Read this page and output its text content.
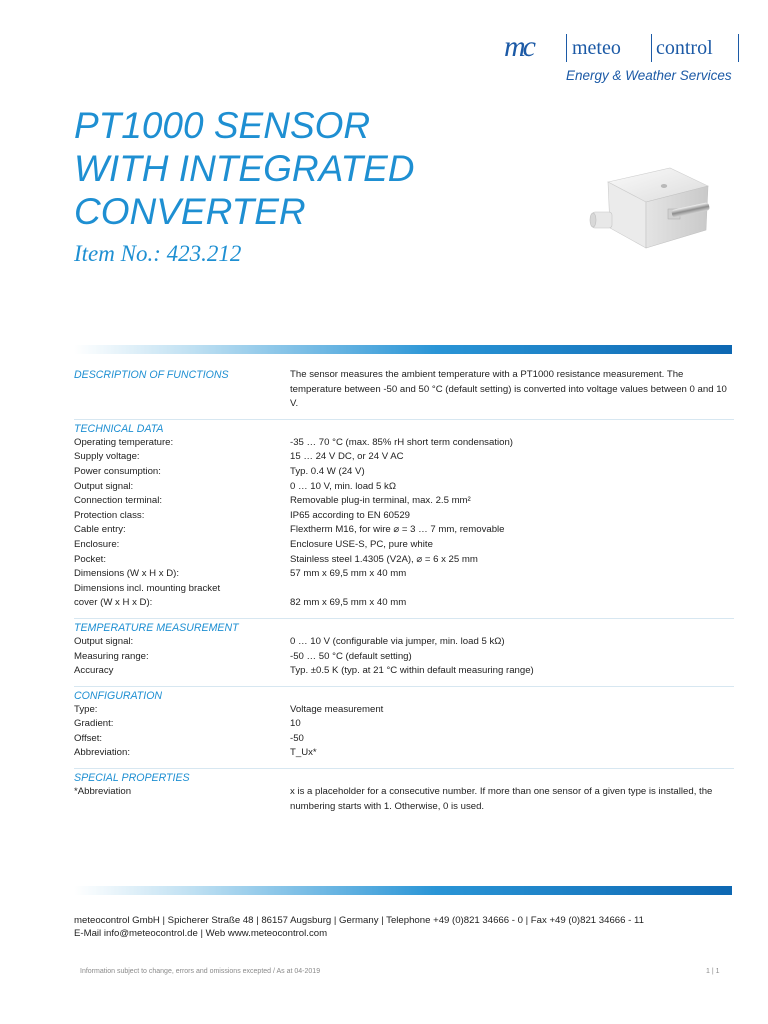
mc meteo control
Energy & Weather Services
PT1000 SENSOR
WITH INTEGRATED
CONVERTER
Item No.: 423.212
DESCRIPTION OF FUNCTIONS	The sensor measures the ambient temperature with a PT1000 resistance measurement. The temperature between -50 and 50 °C (default setting) is converted into voltage values between 0 and 10 V.
TECHNICAL DATA
Operating temperature:	-35 … 70 °C (max. 85% rH short term condensation)
Supply voltage:	15 … 24 V DC, or 24 V AC
Power consumption:	Typ. 0.4 W (24 V)
Output signal:	0 … 10 V, min. load 5 kΩ
Connection terminal:	Removable plug-in terminal, max. 2.5 mm²
Protection class:	IP65 according to EN 60529
Cable entry:	Flextherm M16, for wire ⌀ = 3 … 7 mm, removable
Enclosure:	Enclosure USE-S, PC, pure white
Pocket:	Stainless steel 1.4305 (V2A), ⌀ = 6 x 25 mm
Dimensions (W x H x D):	57 mm x 69,5 mm x 40 mm
Dimensions incl. mounting bracket
cover (W x H x D):	82 mm x 69,5 mm x 40 mm
TEMPERATURE MEASUREMENT
Output signal:	0 … 10 V (configurable via jumper, min. load 5 kΩ)
Measuring range:	-50 … 50 °C (default setting)
Accuracy	Typ. ±0.5 K (typ. at 21 °C within default measuring range)
CONFIGURATION
Type:	Voltage measurement
Gradient:	10
Offset:	-50
Abbreviation:	T_Ux*
SPECIAL PROPERTIES
*Abbreviation	x is a placeholder for a consecutive number. If more than one sensor of a given type is installed, the numbering starts with 1. Otherwise, 0 is used.
meteocontrol GmbH | Spicherer Straße 48 | 86157 Augsburg | Germany | Telephone +49 (0)821 34666 - 0 | Fax +49 (0)821 34666 - 11
E-Mail info@meteocontrol.de | Web www.meteocontrol.com
Information subject to change, errors and omissions excepted / As at 04-2019	1 | 1
